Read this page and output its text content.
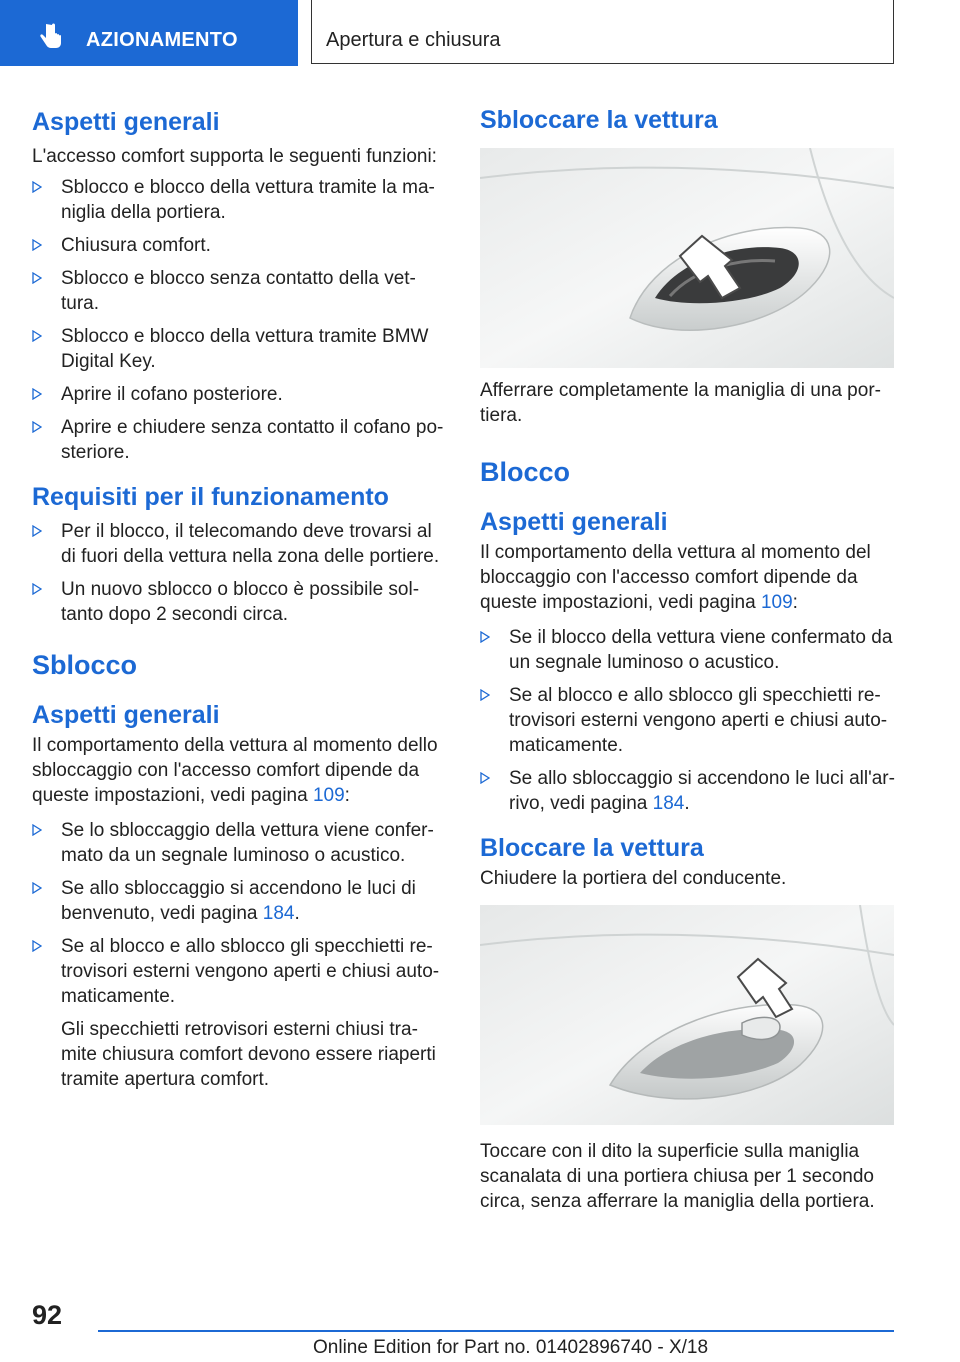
AZIONAMENTO	Apertura e chiusura
Aspetti generali

L'accesso comfort supporta le seguenti funzioni:

Sblocco e blocco della vettura tramite la ma-niglia della portiera.
Chiusura comfort.
Sblocco e blocco senza contatto della vet-tura.
Sblocco e blocco della vettura tramite BMW Digital Key.
Aprire il cofano posteriore.
Aprire e chiudere senza contatto il cofano po-steriore.
Requisiti per il funzionamento
Per il blocco, il telecomando deve trovarsi al di fuori della vettura nella zona delle portiere.
Un nuovo sblocco o blocco è possibile sol-tanto dopo 2 secondi circa.
Sblocco
Aspetti generali

Il comportamento della vettura al momento dello sbloccaggio con l'accesso comfort dipende da queste impostazioni, vedi pagina 109:

Se lo sbloccaggio della vettura viene confer-mato da un segnale luminoso o acustico.
Se allo sbloccaggio si accendono le luci di benvenuto, vedi pagina 184.
Se al blocco e allo sblocco gli specchietti re-trovisori esterni vengono aperti e chiusi auto-maticamente.
Gli specchietti retrovisori esterni chiusi tra-mite chiusura comfort devono essere riaperti tramite apertura comfort.
Sbloccare la vettura

Afferrare completamente la maniglia di una por-tiera.

Blocco
Aspetti generali

Il comportamento della vettura al momento del bloccaggio con l'accesso comfort dipende da queste impostazioni, vedi pagina 109:

Se il blocco della vettura viene confermato da un segnale luminoso o acustico.
Se al blocco e allo sblocco gli specchietti re-trovisori esterni vengono aperti e chiusi auto-maticamente.
Se allo sbloccaggio si accendono le luci all'ar-rivo, vedi pagina 184.
Bloccare la vettura

Chiudere la portiera del conducente.

Toccare con il dito la superficie sulla maniglia scanalata di una portiera chiusa per 1 secondo circa, senza afferrare la maniglia della portiera.

92
Online Edition for Part no. 01402896740 - X/18
